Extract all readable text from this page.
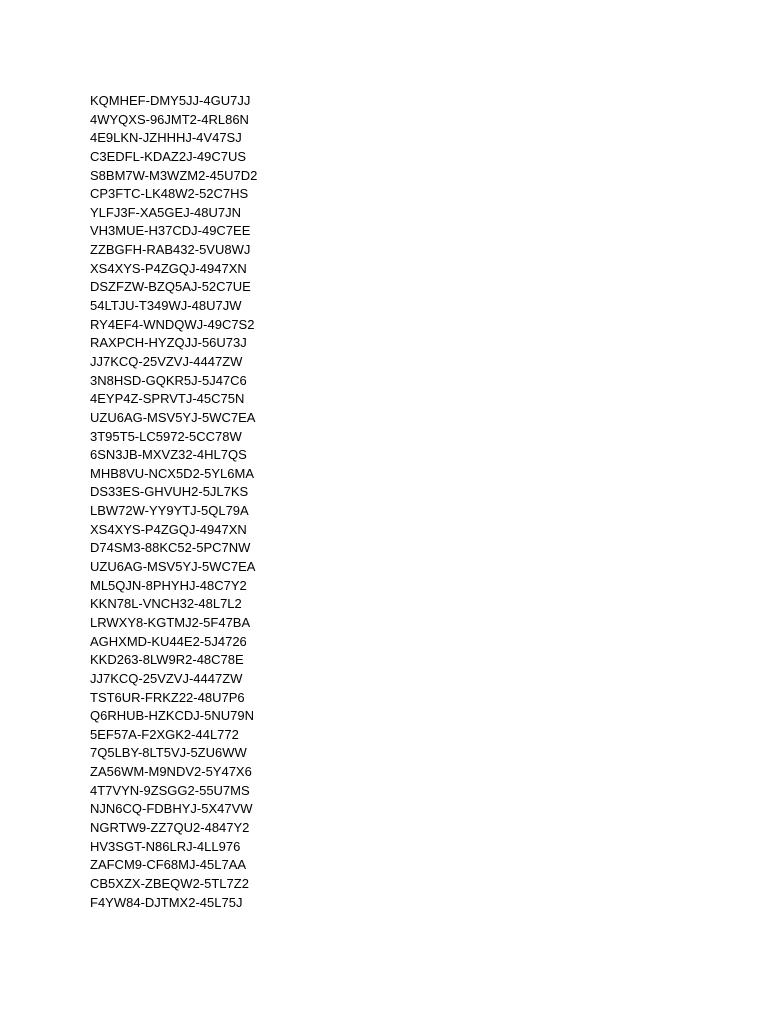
KQMHEF-DMY5JJ-4GU7JJ
4WYQXS-96JMT2-4RL86N
4E9LKN-JZHHHJ-4V47SJ
C3EDFL-KDAZ2J-49C7US
S8BM7W-M3WZM2-45U7D2
CP3FTC-LK48W2-52C7HS
YLFJ3F-XA5GEJ-48U7JN
VH3MUE-H37CDJ-49C7EE
ZZBGFH-RAB432-5VU8WJ
XS4XYS-P4ZGQJ-4947XN
DSZFZW-BZQ5AJ-52C7UE
54LTJU-T349WJ-48U7JW
RY4EF4-WNDQWJ-49C7S2
RAXPCH-HYZQJJ-56U73J
JJ7KCQ-25VZVJ-4447ZW
3N8HSD-GQKR5J-5J47C6
4EYP4Z-SPRVTJ-45C75N
UZU6AG-MSV5YJ-5WC7EA
3T95T5-LC5972-5CC78W
6SN3JB-MXVZ32-4HL7QS
MHB8VU-NCX5D2-5YL6MA
DS33ES-GHVUH2-5JL7KS
LBW72W-YY9YTJ-5QL79A
XS4XYS-P4ZGQJ-4947XN
D74SM3-88KC52-5PC7NW
UZU6AG-MSV5YJ-5WC7EA
ML5QJN-8PHYHJ-48C7Y2
KKN78L-VNCH32-48L7L2
LRWXY8-KGTMJ2-5F47BA
AGHXMD-KU44E2-5J4726
KKD263-8LW9R2-48C78E
JJ7KCQ-25VZVJ-4447ZW
TST6UR-FRKZ22-48U7P6
Q6RHUB-HZKCDJ-5NU79N
5EF57A-F2XGK2-44L772
7Q5LBY-8LT5VJ-5ZU6WW
ZA56WM-M9NDV2-5Y47X6
4T7VYN-9ZSGG2-55U7MS
NJN6CQ-FDBHYJ-5X47VW
NGRTW9-ZZ7QU2-4847Y2
HV3SGT-N86LRJ-4LL976
ZAFCM9-CF68MJ-45L7AA
CB5XZX-ZBEQW2-5TL7Z2
F4YW84-DJTMX2-45L75J
